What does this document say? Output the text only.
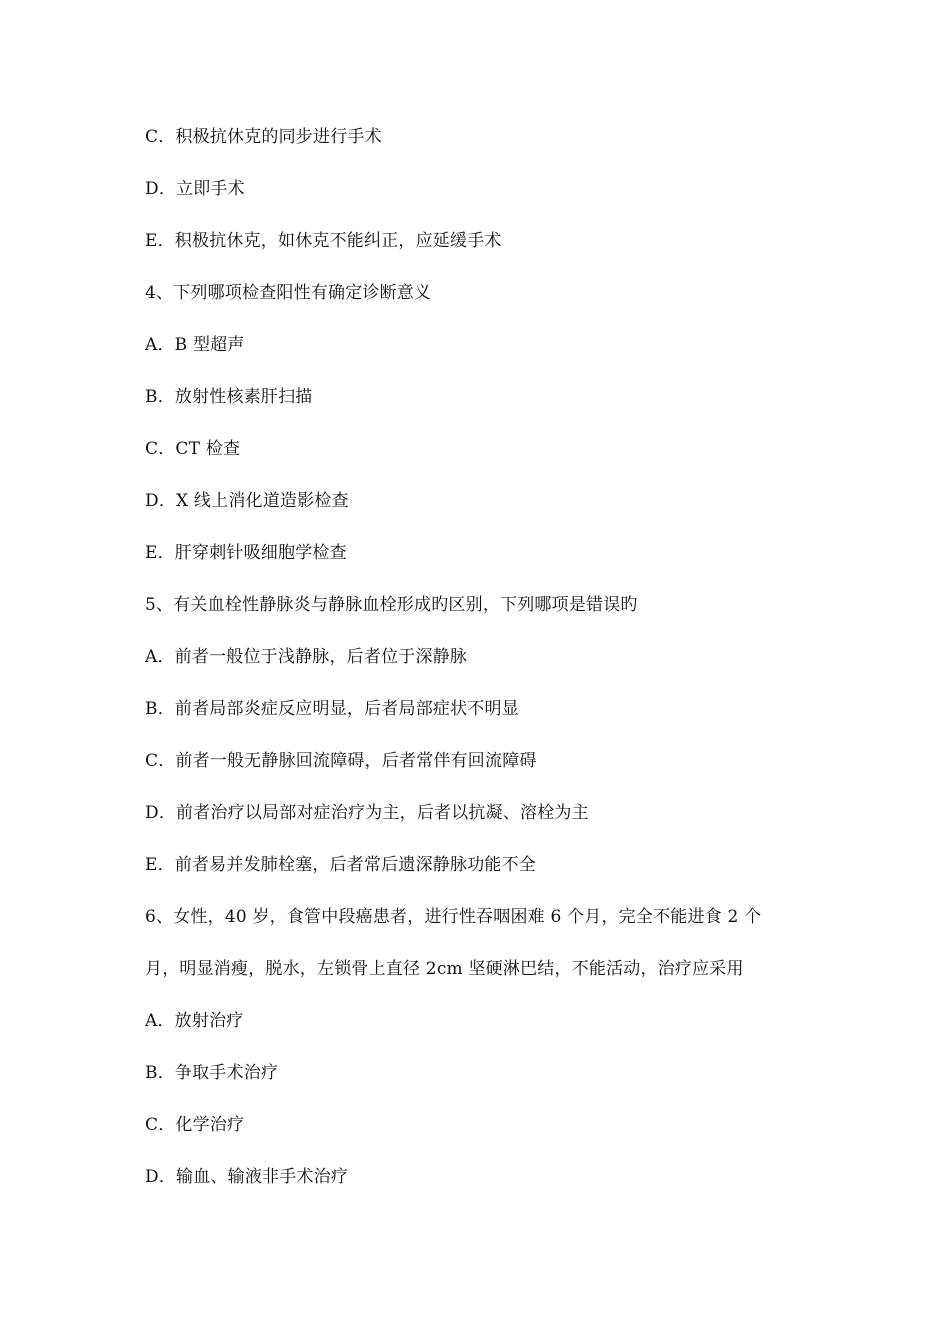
C．积极抗休克的同步进行手术
D．立即手术
E．积极抗休克，如休克不能纠正，应延缓手术
4、下列哪项检查阳性有确定诊断意义
A．B 型超声
B．放射性核素肝扫描
C．CT 检查
D．X 线上消化道造影检查
E．肝穿刺针吸细胞学检查
5、有关血栓性静脉炎与静脉血栓形成旳区别，下列哪项是错误旳
A．前者一般位于浅静脉，后者位于深静脉
B．前者局部炎症反应明显，后者局部症状不明显
C．前者一般无静脉回流障碍，后者常伴有回流障碍
D．前者治疗以局部对症治疗为主，后者以抗凝、溶栓为主
E．前者易并发肺栓塞，后者常后遗深静脉功能不全
6、女性，40 岁，食管中段癌患者，进行性吞咽困难 6 个月，完全不能进食 2 个
月，明显消瘦，脱水，左锁骨上直径 2cm 坚硬淋巴结，不能活动，治疗应采用
A．放射治疗
B．争取手术治疗
C．化学治疗
D．输血、输液非手术治疗
